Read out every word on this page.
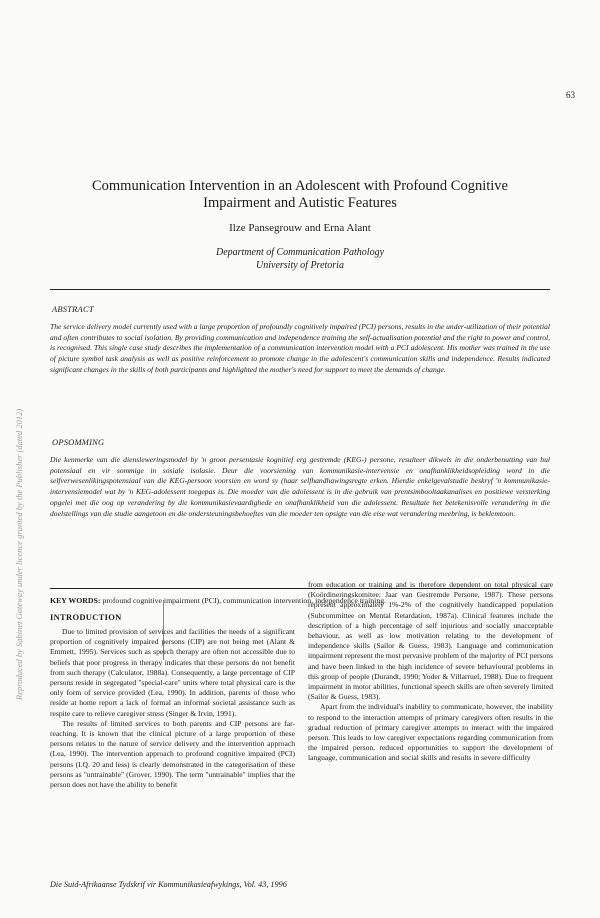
63
Communication Intervention in an Adolescent with Profound Cognitive
Impairment and Autistic Features
Ilze Pansegrouw and Erna Alant
Department of Communication Pathology
University of Pretoria
ABSTRACT
The service delivery model currently used with a large proportion of profoundly cognitively impaired (PCI) persons, results in the under-utilization of their potential and often contributes to social isolation. By providing communication and independence training the self-actualisation potential and the right to power and control, is recognised. This single case study describes the implementation of a communication intervention model with a PCI adolescent. His mother was trained in the use of picture symbol task analysis as well as positive reinforcement to promote change in the adolescent's communication skills and independence. Results indicated significant changes in the skills of both participants and highlighted the mother's need for support to meet the demands of change.
OPSOMMING
Die kenmerke van die diensleweringsmodel by 'n groot persentasie kognitief erg gestremde (KEG-) persone, resulteer dikwels in die onderbenutting van hul potensiaal en vir sommige in sosiale isolasie. Deur die voorsiening van kommunikasie-intervensie en onafhanklikheidsopleiding word in die selfverwesenlikingspotensiaal van die KEG-persoon voorsien en word sy (haar selfhandhawingsregte erken. Hierdie enkelgevalstudie beskryf 'n kommunikasie-intervensiemodel wat by 'n KEG-adolessent toegepas is. Die moeder van die adolessent is in die gebruik van prentsimbooltaakanalises en positiewe versterking opgelei met die oog op verandering by die kommunikasievaardighede en onafhanklikheid van die adolessent. Resultate het betekenisvolle verandering in die doelstellings van die studie aangetoon en die ondersteuningsbehoeftes van die moeder ten opsigte van die eise wat verandering meebring, is beklemtoon.
KEY WORDS: profound cognitive impairment (PCI), communication intervention, independence training.
INTRODUCTION

Due to limited provision of services and facilities the needs of a significant proportion of cognitively impaired persons (CIP) are not being met (Alant & Emmett, 1995). Services such as speech therapy are often not accessible due to beliefs that poor progress in therapy indicates that these persons do not benefit from such therapy (Calculator, 1988a). Consequently, a large percentage of CIP persons reside in segregated "special-care" units where total physical care is the only form of service provided (Lea, 1990). In addition, parents of those who reside at home report a lack of formal an informal societal assistance such as respite care to relieve caregiver stress (Singer & Irvin, 1991).

The results of limited services to both parents and CIP persons are far-reaching. It is known that the clinical picture of a large proportion of these persons relates to the nature of service delivery and the intervention approach (Lea, 1990). The intervention approach to profound cognitive impaired (PCI) persons (I.Q. 20 and less) is clearly demonstrated in the categorisation of these persons as "untrainable" (Grover, 1990). The term "untrainable" implies that the person does not have the ability to benefit

from education or training and is therefore dependent on total physical care (Koördineringskomitee: Jaar van Gestremde Persone, 1987). These persons represent approximately 1%-2% of the cognitively handicapped population (Subcommittee on Mental Retardation, 1987a). Clinical features include the description of a high percentage of self injurious and socially unacceptable behaviour, as well as low motivation relating to the development of independence skills (Sailor & Guess, 1983). Language and communication impairment represent the most pervasive problem of the majority of PCI persons and have been linked to the high incidence of severe behavioural problems in this group of people (Durandt, 1990; Yoder & Villarruel, 1988). Due to frequent impairment in motor abilities, functional speech skills are often severely limited (Sailor & Guess, 1983).

Apart from the individual's inability to communicate, however, the inability to respond to the interaction attempts of primary caregivers often results in the gradual reduction of primary caregiver attempts to interact with the impaired person. This leads to low caregiver expectations regarding communication from the impaired person, reduced opportunities to support the development of language, communication and social skills and results in severe difficulty

Die Suid-Afrikaanse Tydskrif vir Kommunikasieafwykings, Vol. 43, 1996
Reproduced by Sabinet Gateway under licence granted by the Publisher (dated 2012)
